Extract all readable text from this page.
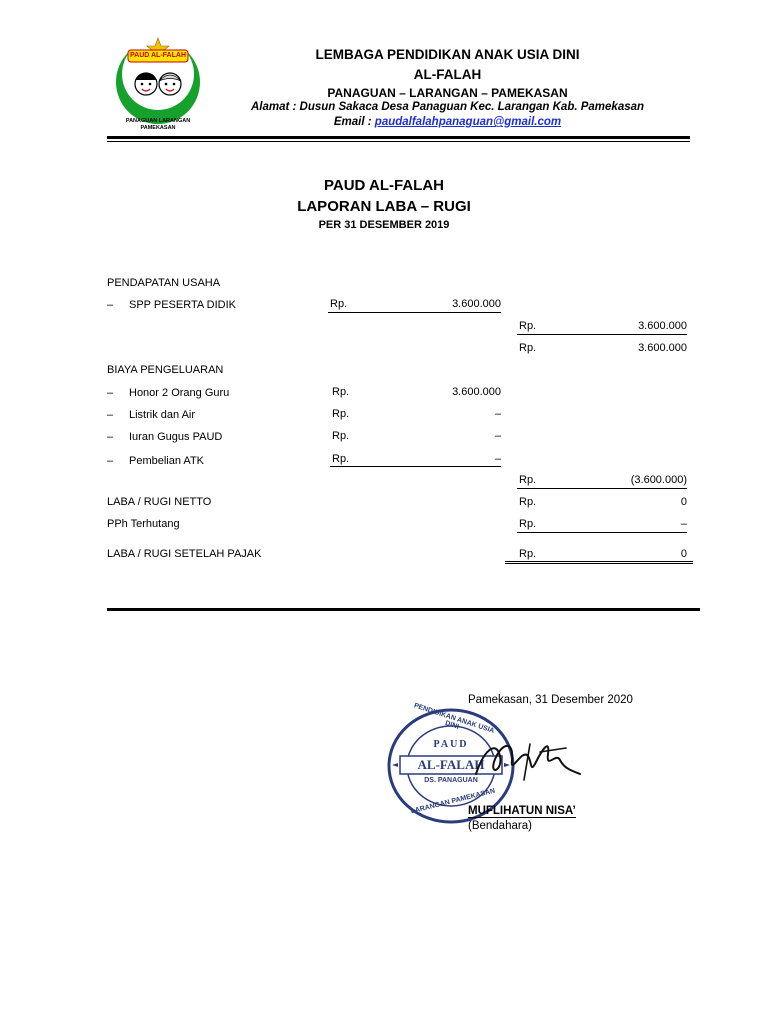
PAUD AL-FALAH
PANAGUAN LARANGAN PAMEKASAN
LEMBAGA PENDIDIKAN ANAK USIA DINI
AL-FALAH
PANAGUAN – LARANGAN – PAMEKASAN
Alamat : Dusun Sakaca Desa Panaguan Kec. Larangan Kab. Pamekasan
Email : paudalfalahpanaguan@gmail.com
PAUD AL-FALAH
LAPORAN LABA – RUGI
PER 31 DESEMBER 2019
PENDAPATAN USAHA
– SPP PESERTA DIDIK	Rp.	3.600.000
Rp.	3.600.000
Rp.	3.600.000
BIAYA PENGELUARAN
– Honor 2 Orang Guru	Rp.	3.600.000
– Listrik dan Air	Rp.	–
– Iuran Gugus PAUD	Rp.	–
– Pembelian ATK	Rp.	–
Rp.	(3.600.000)
LABA / RUGI NETTO	Rp.	0
PPh Terhutang	Rp.	–
LABA / RUGI SETELAH PAJAK	Rp.	0
Pamekasan, 31 Desember 2020
PENDIDIKAN ANAK USIA DINI
PAUD
AL-FALAH
DS. PANAGUAN
LARANGAN PAMEKASAN
MUFLIHATUN NISA’
(Bendahara)
